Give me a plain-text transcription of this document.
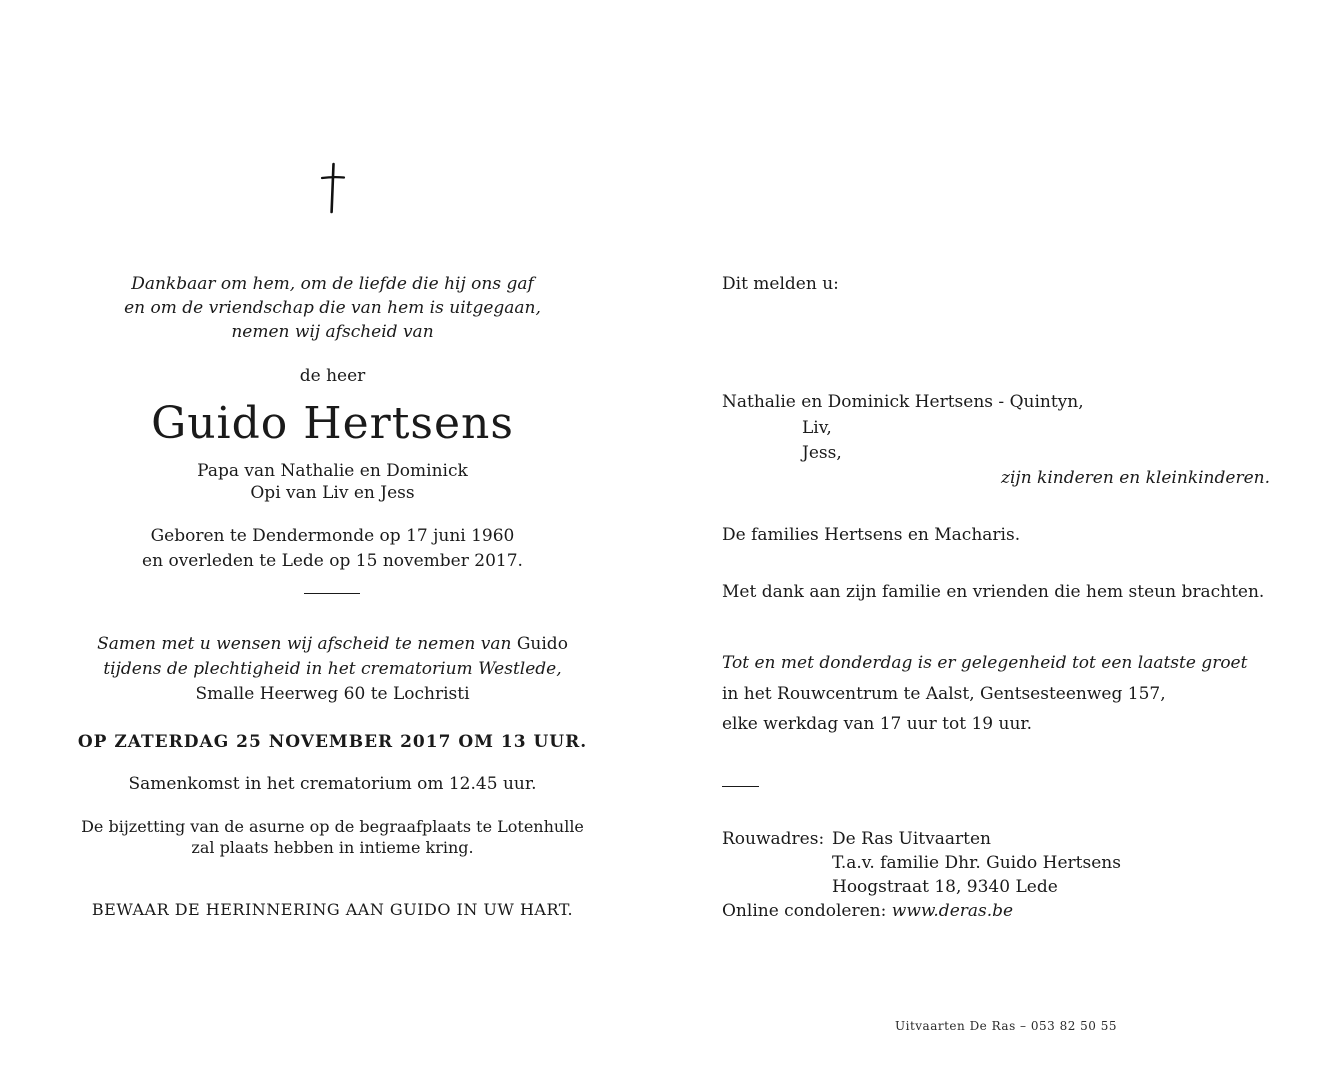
Dankbaar om hem, om de liefde die hij ons gaf
en om de vriendschap die van hem is uitgegaan,
nemen wij afscheid van
de heer
Guido Hertsens
Papa van Nathalie en Dominick
Opi van Liv en Jess
Geboren te Dendermonde op 17 juni 1960
en overleden te Lede op 15 november 2017.
Samen met u wensen wij afscheid te nemen van Guido
tijdens de plechtigheid in het crematorium Westlede,
Smalle Heerweg 60 te Lochristi
OP ZATERDAG 25 NOVEMBER 2017 OM 13 UUR.
Samenkomst in het crematorium om 12.45 uur.
De bijzetting van de asurne op de begraafplaats te Lotenhulle
zal plaats hebben in intieme kring.
BEWAAR DE HERINNERING AAN GUIDO IN UW HART.
Dit melden u:
Nathalie en Dominick Hertsens - Quintyn,
Liv,
Jess,
zijn kinderen en kleinkinderen.
De families Hertsens en Macharis.
Met dank aan zijn familie en vrienden die hem steun brachten.
Tot en met donderdag is er gelegenheid tot een laatste groet
in het Rouwcentrum te Aalst, Gentsesteenweg 157,
elke werkdag van 17 uur tot 19 uur.
Rouwadres: De Ras Uitvaarten
T.a.v. familie Dhr. Guido Hertsens
Hoogstraat 18, 9340 Lede
Online condoleren: www.deras.be
Uitvaarten De Ras – 053 82 50 55
